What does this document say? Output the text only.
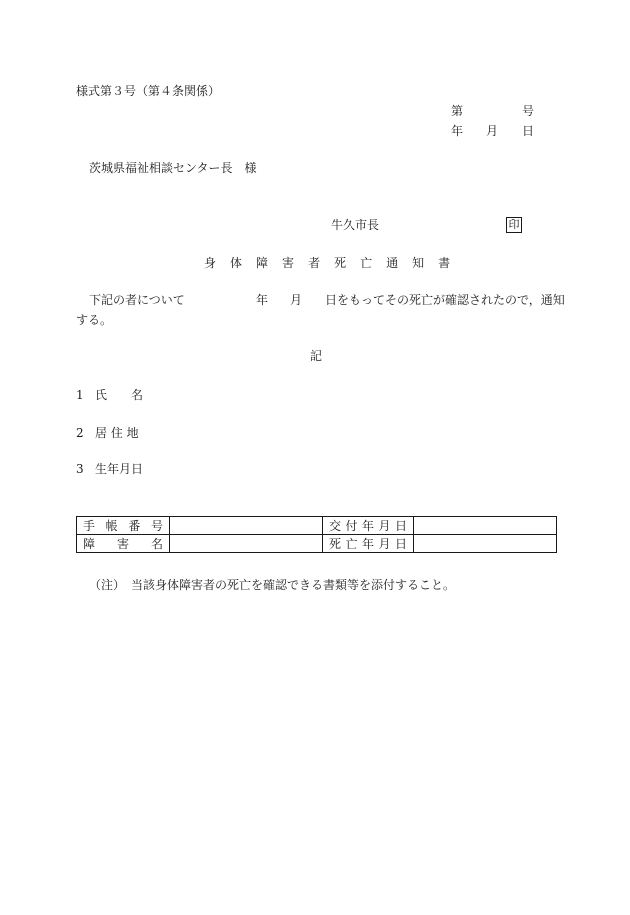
様式第３号（第４条関係）
第	号
年 月 日
茨城県福祉相談センター長　様
牛久市長	印
身 体 障 害 者 死 亡 通 知 書
下記の者について	年 月 日をもってその死亡が確認されたので，通知
する。
記
1 氏　　名
2 居 住 地
3 生年月日
手 帳 番 号		交 付 年 月 日	

障 害 名		死 亡 年 月 日	

（注）　当該身体障害者の死亡を確認できる書類等を添付すること。
